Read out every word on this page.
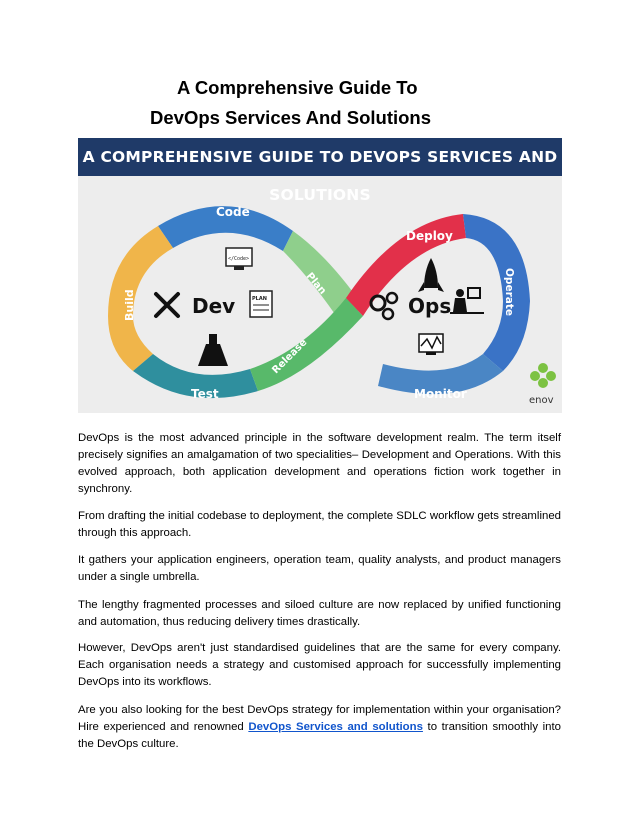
A Comprehensive Guide To
DevOps Services And Solutions
A COMPREHENSIVE GUIDE TO DEVOPS SERVICES AND SOLUTIONS
Code
Build
Test
Plan
Release
Deploy
Operate
Monitor
</Code>
Dev	PLAN	Ops
enov

DevOps is the most advanced principle in the software development realm. The term itself precisely signifies an amalgamation of two specialities– Development and Operations. With this evolved approach, both application development and operations fiction work together in synchrony.

From drafting the initial codebase to deployment, the complete SDLC workflow gets streamlined through this approach.

It gathers your application engineers, operation team, quality analysts, and product managers under a single umbrella.

The lengthy fragmented processes and siloed culture are now replaced by unified functioning and automation, thus reducing delivery times drastically.

However, DevOps aren't just standardised guidelines that are the same for every company. Each organisation needs a strategy and customised approach for successfully implementing DevOps into its workflows.

Are you also looking for the best DevOps strategy for implementation within your organisation? Hire experienced and renowned DevOps Services and solutions to transition smoothly into the DevOps culture.
